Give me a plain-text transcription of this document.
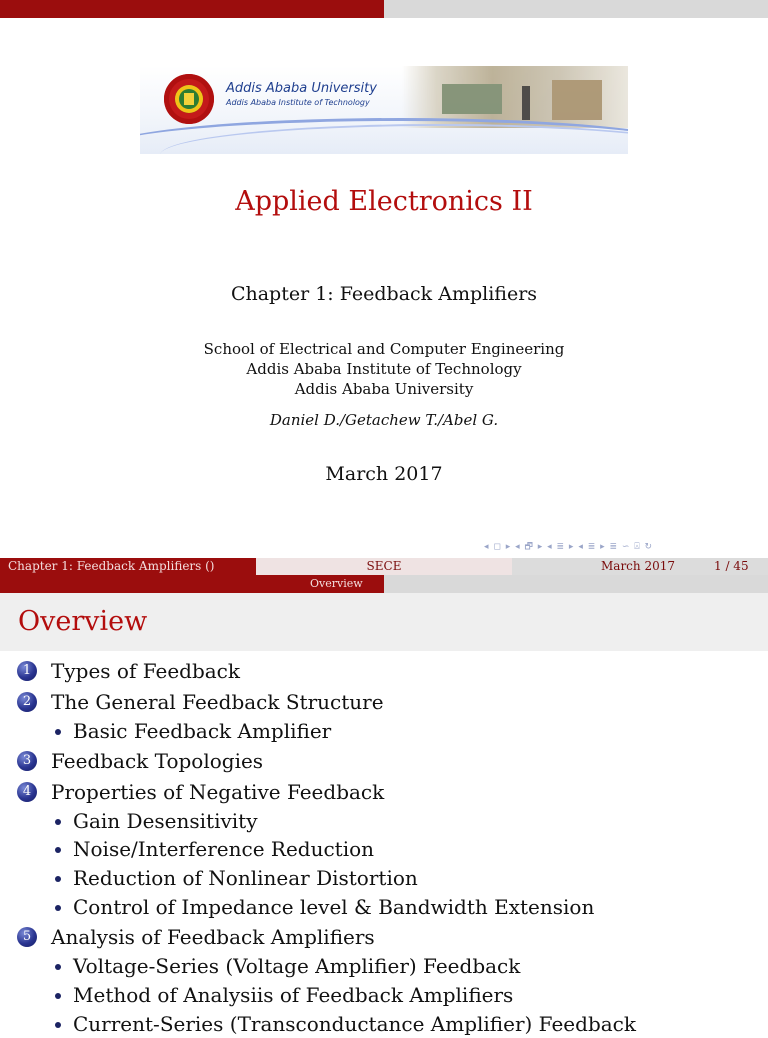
Addis Ababa University
Addis Ababa Institute of Technology
Applied Electronics II
Chapter 1: Feedback Amplifiers
School of Electrical and Computer Engineering
Addis Ababa Institute of Technology
Addis Ababa University
Daniel D./Getachew T./Abel G.
March 2017
◂ ◻ ▸ ◂ 🗗 ▸ ◂ ≣ ▸ ◂ ≣ ▸ ≣ ∽ ⍓ ↻
Chapter 1: Feedback Amplifiers ()	SECE	March 2017	1 / 45
Overview
Overview
1 Types of Feedback
2 The General Feedback Structure
Basic Feedback Amplifier
3 Feedback Topologies
4 Properties of Negative Feedback
Gain Desensitivity
Noise/Interference Reduction
Reduction of Nonlinear Distortion
Control of Impedance level & Bandwidth Extension
5 Analysis of Feedback Amplifiers
Voltage-Series (Voltage Amplifier) Feedback
Method of Analysiis of Feedback Amplifiers
Current-Series (Transconductance Amplifier) Feedback
